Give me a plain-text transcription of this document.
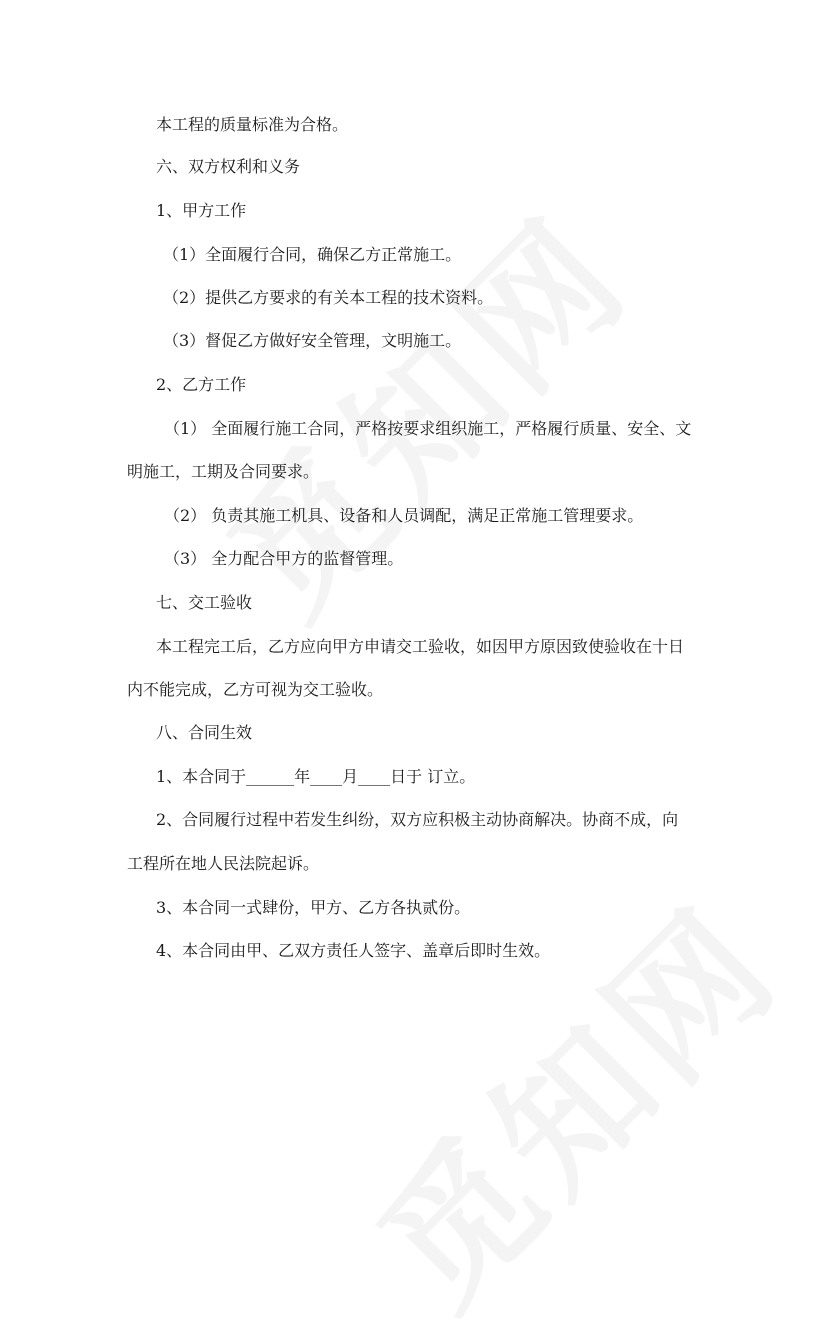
本工程的质量标准为合格。
六、双方权利和义务
1、甲方工作
（1）全面履行合同，确保乙方正常施工。
（2）提供乙方要求的有关本工程的技术资料。
（3）督促乙方做好安全管理，文明施工。
2、乙方工作
（1） 全面履行施工合同，严格按要求组织施工，严格履行质量、安全、文
明施工，工期及合同要求。
（2） 负责其施工机具、设备和人员调配，满足正常施工管理要求。
（3） 全力配合甲方的监督管理。
七、交工验收
本工程完工后，乙方应向甲方申请交工验收，如因甲方原因致使验收在十日
内不能完成，乙方可视为交工验收。
八、合同生效
1、本合同于______年____月____日于 订立。
2、合同履行过程中若发生纠纷，双方应积极主动协商解决。协商不成，向
工程所在地人民法院起诉。
3、本合同一式肆份，甲方、乙方各执贰份。
4、本合同由甲、乙双方责任人签字、盖章后即时生效。
